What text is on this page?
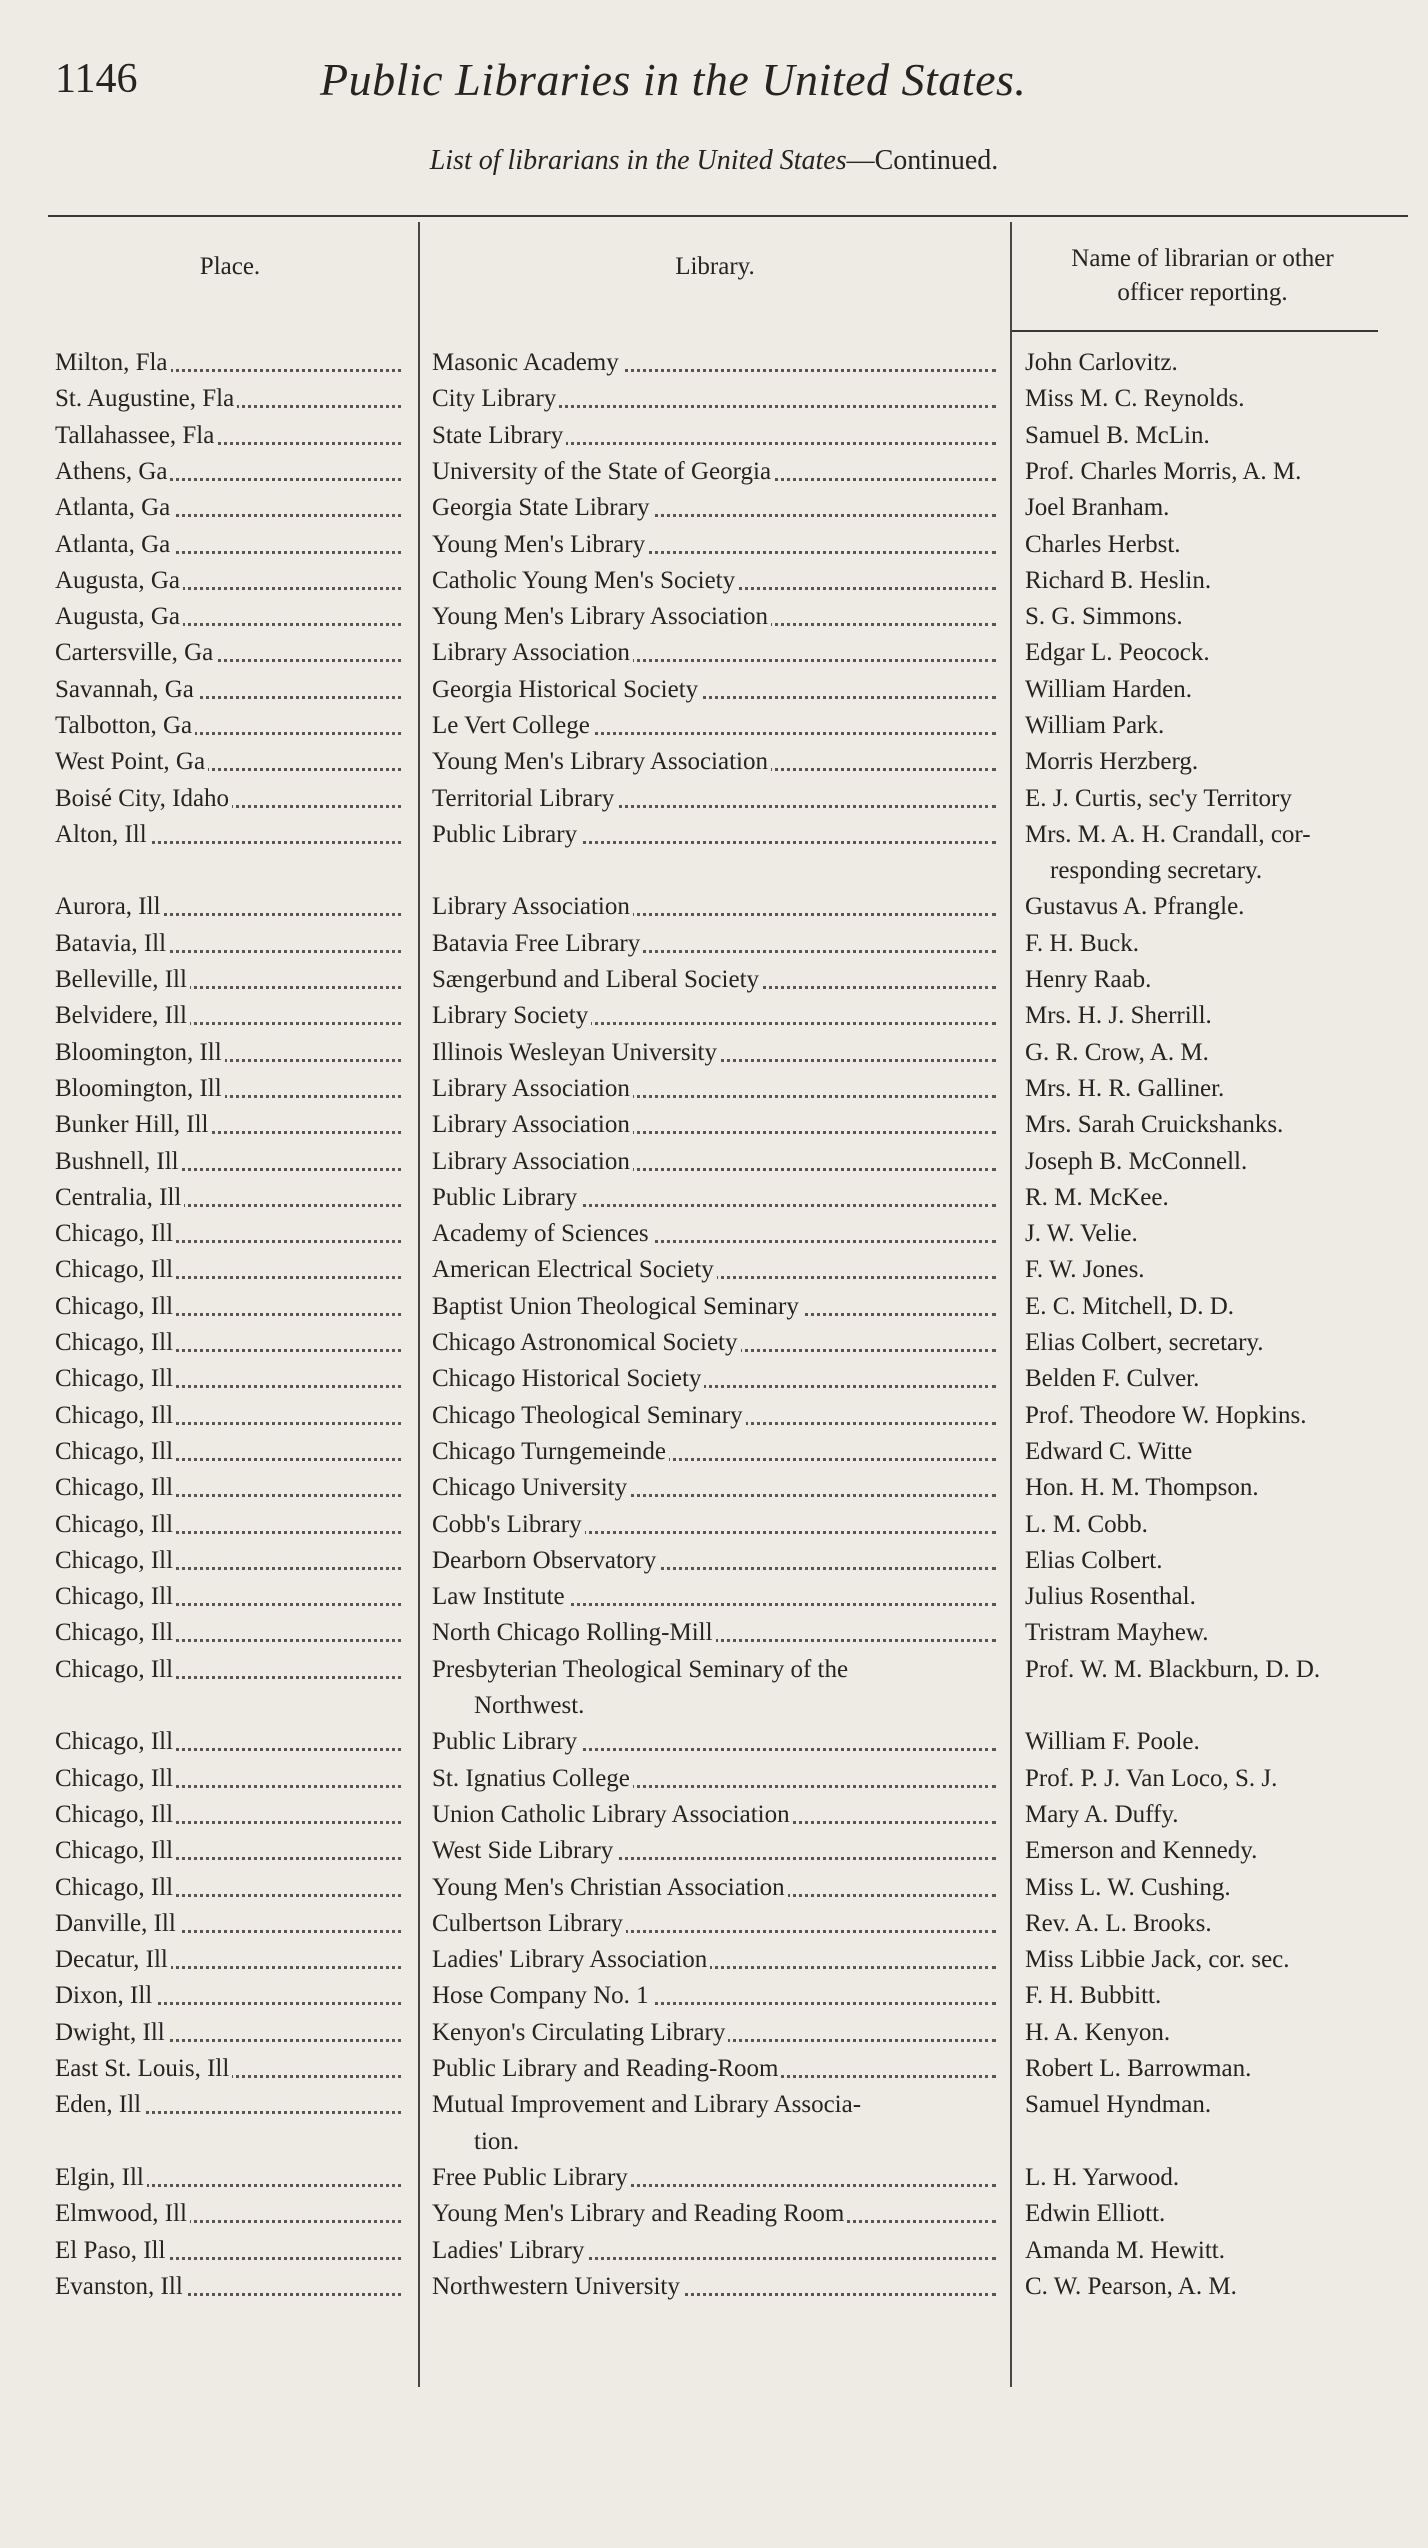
1146	Public Libraries in the United States.
List of librarians in the United States—Continued.
Place.	Library.	Name of librarian or other
officer reporting.
Milton, Fla	Masonic Academy	John Carlovitz.
St. Augustine, Fla	City Library	Miss M. C. Reynolds.
Tallahassee, Fla	State Library	Samuel B. McLin.
Athens, Ga	University of the State of Georgia	Prof. Charles Morris, A. M.
Atlanta, Ga	Georgia State Library	Joel Branham.
Atlanta, Ga	Young Men's Library	Charles Herbst.
Augusta, Ga	Catholic Young Men's Society	Richard B. Heslin.
Augusta, Ga	Young Men's Library Association	S. G. Simmons.
Cartersville, Ga	Library Association	Edgar L. Peocock.
Savannah, Ga	Georgia Historical Society	William Harden.
Talbotton, Ga	Le Vert College	William Park.
West Point, Ga	Young Men's Library Association	Morris Herzberg.
Boisé City, Idaho	Territorial Library	E. J. Curtis, sec'y Territory
Alton, Ill	Public Library	Mrs. M. A. H. Crandall, cor-
responding secretary.
Aurora, Ill	Library Association	Gustavus A. Pfrangle.
Batavia, Ill	Batavia Free Library	F. H. Buck.
Belleville, Ill	Sængerbund and Liberal Society	Henry Raab.
Belvidere, Ill	Library Society	Mrs. H. J. Sherrill.
Bloomington, Ill	Illinois Wesleyan University	G. R. Crow, A. M.
Bloomington, Ill	Library Association	Mrs. H. R. Galliner.
Bunker Hill, Ill	Library Association	Mrs. Sarah Cruickshanks.
Bushnell, Ill	Library Association	Joseph B. McConnell.
Centralia, Ill	Public Library	R. M. McKee.
Chicago, Ill	Academy of Sciences	J. W. Velie.
Chicago, Ill	American Electrical Society	F. W. Jones.
Chicago, Ill	Baptist Union Theological Seminary	E. C. Mitchell, D. D.
Chicago, Ill	Chicago Astronomical Society	Elias Colbert, secretary.
Chicago, Ill	Chicago Historical Society	Belden F. Culver.
Chicago, Ill	Chicago Theological Seminary	Prof. Theodore W. Hopkins.
Chicago, Ill	Chicago Turngemeinde	Edward C. Witte
Chicago, Ill	Chicago University	Hon. H. M. Thompson.
Chicago, Ill	Cobb's Library	L. M. Cobb.
Chicago, Ill	Dearborn Observatory	Elias Colbert.
Chicago, Ill	Law Institute	Julius Rosenthal.
Chicago, Ill	North Chicago Rolling-Mill	Tristram Mayhew.
Chicago, Ill	Presbyterian Theological Seminary of the	Prof. W. M. Blackburn, D. D.
Northwest.
Chicago, Ill	Public Library	William F. Poole.
Chicago, Ill	St. Ignatius College	Prof. P. J. Van Loco, S. J.
Chicago, Ill	Union Catholic Library Association	Mary A. Duffy.
Chicago, Ill	West Side Library	Emerson and Kennedy.
Chicago, Ill	Young Men's Christian Association	Miss L. W. Cushing.
Danville, Ill	Culbertson Library	Rev. A. L. Brooks.
Decatur, Ill	Ladies' Library Association	Miss Libbie Jack, cor. sec.
Dixon, Ill	Hose Company No. 1	F. H. Bubbitt.
Dwight, Ill	Kenyon's Circulating Library	H. A. Kenyon.
East St. Louis, Ill	Public Library and Reading-Room	Robert L. Barrowman.
Eden, Ill	Mutual Improvement and Library Associa-	Samuel Hyndman.
tion.
Elgin, Ill	Free Public Library	L. H. Yarwood.
Elmwood, Ill	Young Men's Library and Reading Room	Edwin Elliott.
El Paso, Ill	Ladies' Library	Amanda M. Hewitt.
Evanston, Ill	Northwestern University	C. W. Pearson, A. M.
